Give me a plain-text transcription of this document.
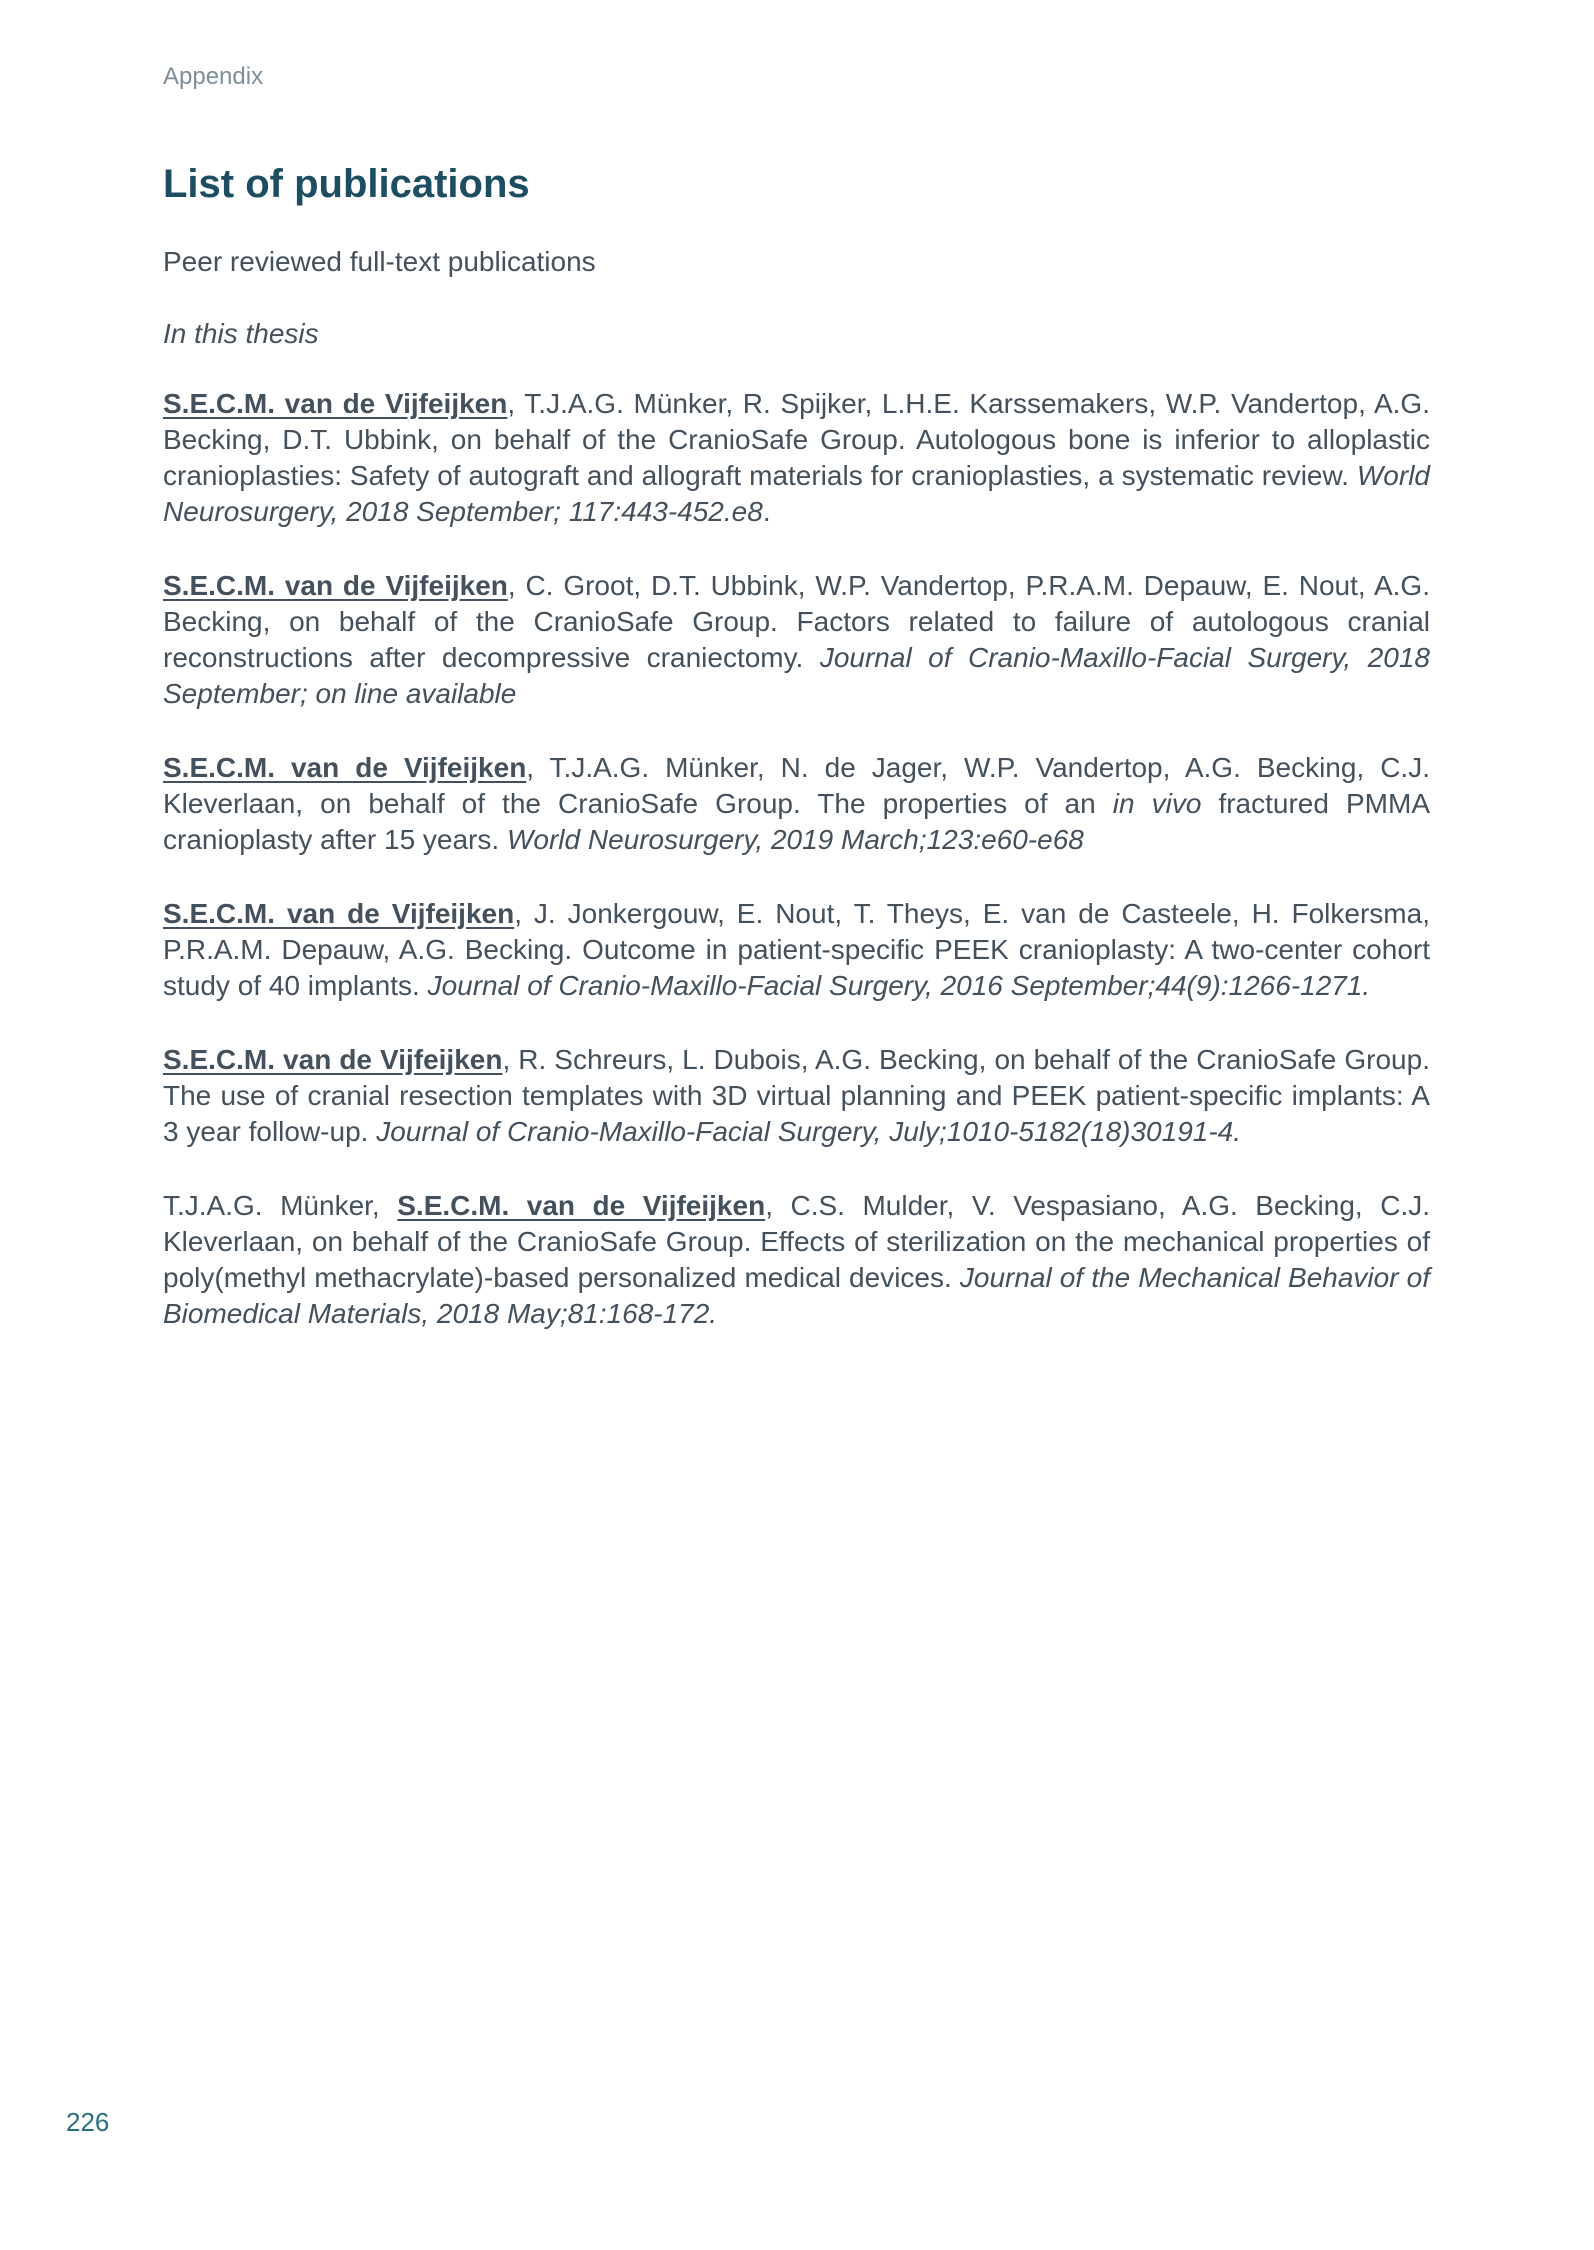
Appendix
List of publications

Peer reviewed full-text publications

In this thesis

S.E.C.M. van de Vijfeijken, T.J.A.G. Münker, R. Spijker, L.H.E. Karssemakers, W.P. Vandertop, A.G. Becking, D.T. Ubbink, on behalf of the CranioSafe Group. Autologous bone is inferior to alloplastic cranioplasties: Safety of autograft and allograft materials for cranioplasties, a systematic review. World Neurosurgery, 2018 September; 117:443-452.e8.

S.E.C.M. van de Vijfeijken, C. Groot, D.T. Ubbink, W.P. Vandertop, P.R.A.M. Depauw, E. Nout, A.G. Becking, on behalf of the CranioSafe Group. Factors related to failure of autologous cranial reconstructions after decompressive craniectomy. Journal of Cranio-Maxillo-Facial Surgery, 2018 September; on line available

S.E.C.M. van de Vijfeijken, T.J.A.G. Münker, N. de Jager, W.P. Vandertop, A.G. Becking, C.J. Kleverlaan, on behalf of the CranioSafe Group. The properties of an in vivo fractured PMMA cranioplasty after 15 years. World Neurosurgery, 2019 March;123:e60-e68

S.E.C.M. van de Vijfeijken, J. Jonkergouw, E. Nout, T. Theys, E. van de Casteele, H. Folkersma, P.R.A.M. Depauw, A.G. Becking. Outcome in patient-specific PEEK cranioplasty: A two-center cohort study of 40 implants. Journal of Cranio-Maxillo-Facial Surgery, 2016 September;44(9):1266-1271.

S.E.C.M. van de Vijfeijken, R. Schreurs, L. Dubois, A.G. Becking, on behalf of the CranioSafe Group. The use of cranial resection templates with 3D virtual planning and PEEK patient-specific implants: A 3 year follow-up. Journal of Cranio-Maxillo-Facial Surgery, July;1010-5182(18)30191-4.

T.J.A.G. Münker, S.E.C.M. van de Vijfeijken, C.S. Mulder, V. Vespasiano, A.G. Becking, C.J. Kleverlaan, on behalf of the CranioSafe Group. Effects of sterilization on the mechanical properties of poly(methyl methacrylate)-based personalized medical devices. Journal of the Mechanical Behavior of Biomedical Materials, 2018 May;81:168-172.

226
